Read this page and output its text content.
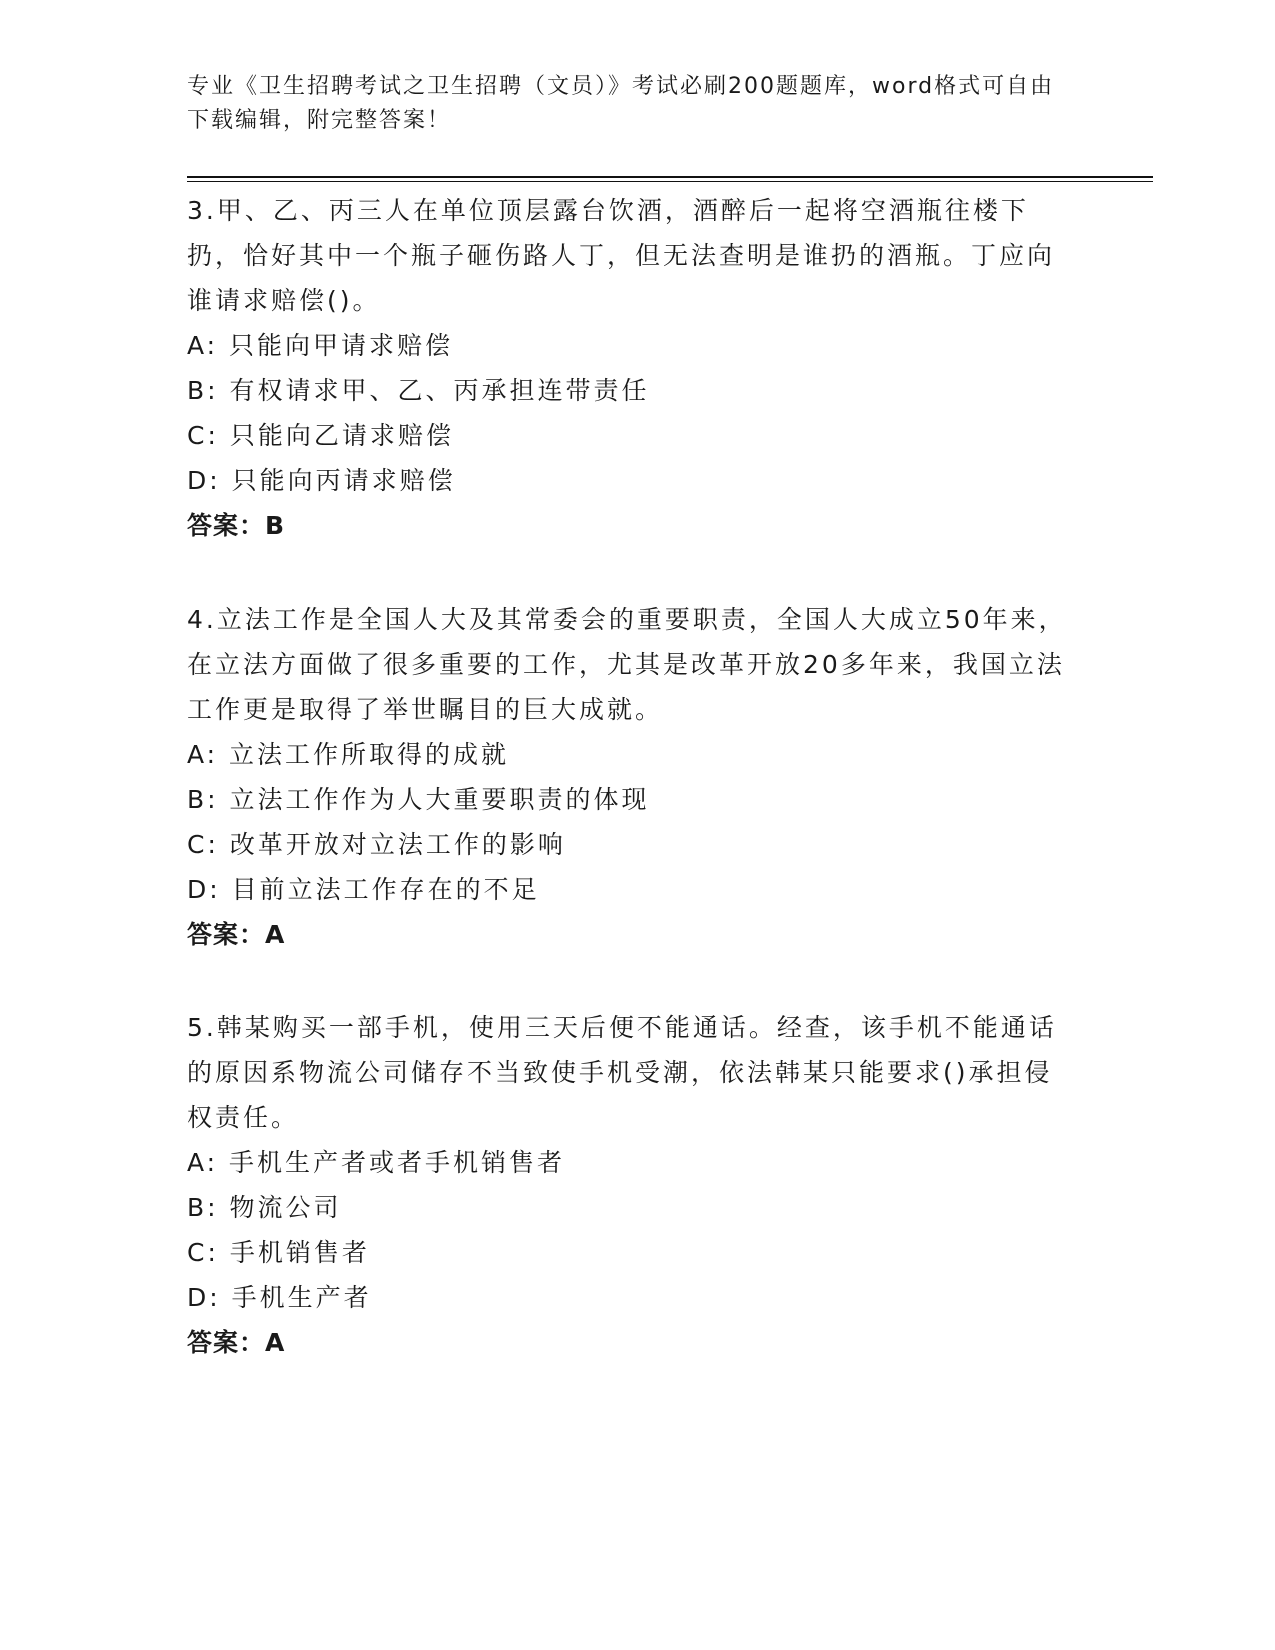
专业《卫生招聘考试之卫生招聘（文员）》考试必刷200题题库，word格式可自由下载编辑，附完整答案！

3.甲、乙、丙三人在单位顶层露台饮酒，酒醉后一起将空酒瓶往楼下扔，恰好其中一个瓶子砸伤路人丁，但无法查明是谁扔的酒瓶。丁应向谁请求赔偿()。

A: 只能向甲请求赔偿

B: 有权请求甲、乙、丙承担连带责任

C: 只能向乙请求赔偿

D: 只能向丙请求赔偿

答案：B

4.立法工作是全国人大及其常委会的重要职责，全国人大成立50年来，在立法方面做了很多重要的工作，尤其是改革开放20多年来，我国立法工作更是取得了举世瞩目的巨大成就。

A: 立法工作所取得的成就

B: 立法工作作为人大重要职责的体现

C: 改革开放对立法工作的影响

D: 目前立法工作存在的不足

答案：A

5.韩某购买一部手机，使用三天后便不能通话。经查，该手机不能通话的原因系物流公司储存不当致使手机受潮，依法韩某只能要求()承担侵权责任。

A: 手机生产者或者手机销售者

B: 物流公司

C: 手机销售者

D: 手机生产者

答案：A
